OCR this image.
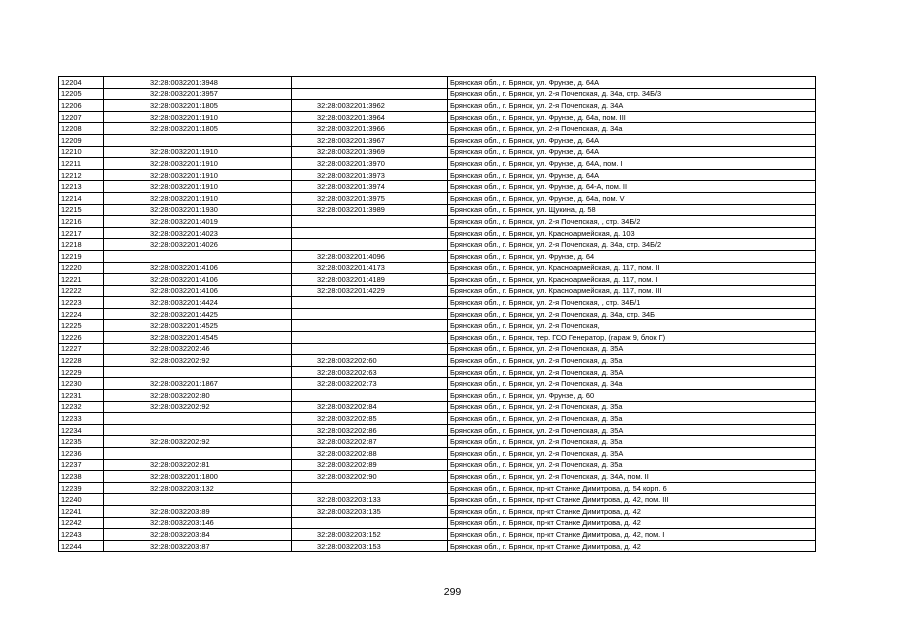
12204	32:28:0032201:3948		Брянская обл., г. Брянск, ул. Фрунзе, д. 64А
12205	32:28:0032201:3957		Брянская обл., г. Брянск, ул. 2-я Почепская, д. 34а, стр. 34Б/3
12206	32:28:0032201:1805	32:28:0032201:3962	Брянская обл., г. Брянск, ул. 2-я Почепская, д. 34А
12207	32:28:0032201:1910	32:28:0032201:3964	Брянская обл., г. Брянск, ул. Фрунзе, д. 64а, пом. III
12208	32:28:0032201:1805	32:28:0032201:3966	Брянская обл., г. Брянск, ул. 2-я Почепская, д. 34а
12209		32:28:0032201:3967	Брянская обл., г. Брянск, ул. Фрунзе, д. 64А
12210	32:28:0032201:1910	32:28:0032201:3969	Брянская обл., г. Брянск, ул. Фрунзе, д. 64А
12211	32:28:0032201:1910	32:28:0032201:3970	Брянская обл., г. Брянск, ул. Фрунзе, д. 64А, пом. I
12212	32:28:0032201:1910	32:28:0032201:3973	Брянская обл., г. Брянск, ул. Фрунзе, д. 64А
12213	32:28:0032201:1910	32:28:0032201:3974	Брянская обл., г. Брянск, ул. Фрунзе, д. 64-А, пом. II
12214	32:28:0032201:1910	32:28:0032201:3975	Брянская обл., г. Брянск, ул. Фрунзе, д. 64а, пом. V
12215	32:28:0032201:1930	32:28:0032201:3989	Брянская обл., г. Брянск, ул. Щукина, д. 58
12216	32:28:0032201:4019		Брянская обл., г. Брянск, ул. 2-я Почепская, , стр. 34Б/2
12217	32:28:0032201:4023		Брянская обл., г. Брянск, ул. Красноармейская, д. 103
12218	32:28:0032201:4026		Брянская обл., г. Брянск, ул. 2-я Почепская, д. 34а, стр. 34Б/2
12219		32:28:0032201:4096	Брянская обл., г. Брянск, ул. Фрунзе, д. 64
12220	32:28:0032201:4106	32:28:0032201:4173	Брянская обл., г. Брянск, ул. Красноармейская, д. 117, пом. II
12221	32:28:0032201:4106	32:28:0032201:4189	Брянская обл., г. Брянск, ул. Красноармейская, д. 117, пом. I
12222	32:28:0032201:4106	32:28:0032201:4229	Брянская обл., г. Брянск, ул. Красноармейская, д. 117, пом. III
12223	32:28:0032201:4424		Брянская обл., г. Брянск, ул. 2-я Почепская, , стр. 34Б/1
12224	32:28:0032201:4425		Брянская обл., г. Брянск, ул. 2-я Почепская, д. 34а, стр. 34Б
12225	32:28:0032201:4525		Брянская обл., г. Брянск, ул. 2-я Почепская,
12226	32:28:0032201:4545		Брянская обл., г. Брянск, тер. ГСО Генератор, (гараж 9, блок Г)
12227	32:28:0032202:46		Брянская обл., г. Брянск, ул. 2-я Почепская, д. 35А
12228	32:28:0032202:92	32:28:0032202:60	Брянская обл., г. Брянск, ул. 2-я Почепская, д. 35а
12229		32:28:0032202:63	Брянская обл., г. Брянск, ул. 2-я Почепская, д. 35А
12230	32:28:0032201:1867	32:28:0032202:73	Брянская обл., г. Брянск, ул. 2-я Почепская, д. 34а
12231	32:28:0032202:80		Брянская обл., г. Брянск, ул. Фрунзе, д. 60
12232	32:28:0032202:92	32:28:0032202:84	Брянская обл., г. Брянск, ул. 2-я Почепская, д. 35а
12233		32:28:0032202:85	Брянская обл., г. Брянск, ул. 2-я Почепская, д. 35а
12234		32:28:0032202:86	Брянская обл., г. Брянск, ул. 2-я Почепская, д. 35А
12235	32:28:0032202:92	32:28:0032202:87	Брянская обл., г. Брянск, ул. 2-я Почепская, д. 35а
12236		32:28:0032202:88	Брянская обл., г. Брянск, ул. 2-я Почепская, д. 35А
12237	32:28:0032202:81	32:28:0032202:89	Брянская обл., г. Брянск, ул. 2-я Почепская, д. 35а
12238	32:28:0032201:1800	32:28:0032202:90	Брянская обл., г. Брянск, ул. 2-я Почепская, д. 34А, пом. II
12239	32:28:0032203:132		Брянская обл., г. Брянск, пр-кт Станке Димитрова, д. 54 корп. 6
12240		32:28:0032203:133	Брянская обл., г. Брянск, пр-кт Станке Димитрова, д. 42, пом. III
12241	32:28:0032203:89	32:28:0032203:135	Брянская обл., г. Брянск, пр-кт Станке Димитрова, д. 42
12242	32:28:0032203:146		Брянская обл., г. Брянск, пр-кт Станке Димитрова, д. 42
12243	32:28:0032203:84	32:28:0032203:152	Брянская обл., г. Брянск, пр-кт Станке Димитрова, д. 42, пом. I
12244	32:28:0032203:87	32:28:0032203:153	Брянская обл., г. Брянск, пр-кт Станке Димитрова, д. 42
299
